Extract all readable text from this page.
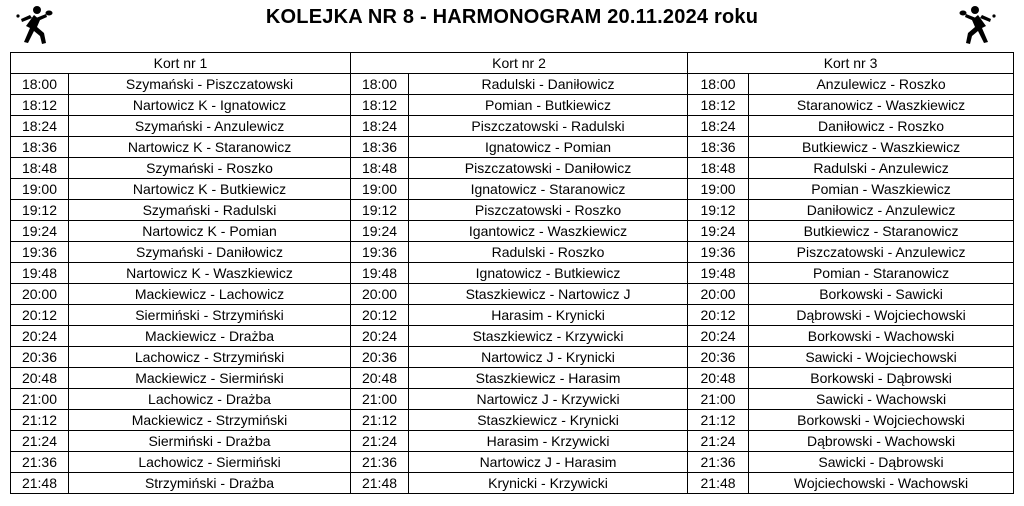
KOLEJKA NR 8 - HARMONOGRAM 20.11.2024 roku
Kort nr 1		Kort nr 2		Kort nr 3	
18:00	Szymański - Piszczatowski	18:00	Radulski - Daniłowicz	18:00	Anzulewicz - Roszko
18:12	Nartowicz K - Ignatowicz	18:12	Pomian - Butkiewicz	18:12	Staranowicz - Waszkiewicz
18:24	Szymański - Anzulewicz	18:24	Piszczatowski - Radulski	18:24	Daniłowicz - Roszko
18:36	Nartowicz K - Staranowicz	18:36	Ignatowicz - Pomian	18:36	Butkiewicz - Waszkiewicz
18:48	Szymański - Roszko	18:48	Piszczatowski - Daniłowicz	18:48	Radulski - Anzulewicz
19:00	Nartowicz K - Butkiewicz	19:00	Ignatowicz - Staranowicz	19:00	Pomian - Waszkiewicz
19:12	Szymański - Radulski	19:12	Piszczatowski - Roszko	19:12	Daniłowicz - Anzulewicz
19:24	Nartowicz K - Pomian	19:24	Igantowicz - Waszkiewicz	19:24	Butkiewicz - Staranowicz
19:36	Szymański - Daniłowicz	19:36	Radulski - Roszko	19:36	Piszczatowski - Anzulewicz
19:48	Nartowicz K - Waszkiewicz	19:48	Ignatowicz - Butkiewicz	19:48	Pomian - Staranowicz
20:00	Mackiewicz - Lachowicz	20:00	Staszkiewicz - Nartowicz J	20:00	Borkowski - Sawicki
20:12	Siermiński - Strzymiński	20:12	Harasim - Krynicki	20:12	Dąbrowski - Wojciechowski
20:24	Mackiewicz - Drażba	20:24	Staszkiewicz - Krzywicki	20:24	Borkowski - Wachowski
20:36	Lachowicz - Strzymiński	20:36	Nartowicz J - Krynicki	20:36	Sawicki - Wojciechowski
20:48	Mackiewicz - Siermiński	20:48	Staszkiewicz - Harasim	20:48	Borkowski - Dąbrowski
21:00	Lachowicz - Drażba	21:00	Nartowicz J - Krzywicki	21:00	Sawicki - Wachowski
21:12	Mackiewicz - Strzymiński	21:12	Staszkiewicz - Krynicki	21:12	Borkowski - Wojciechowski
21:24	Siermiński - Drażba	21:24	Harasim - Krzywicki	21:24	Dąbrowski - Wachowski
21:36	Lachowicz - Siermiński	21:36	Nartowicz J - Harasim	21:36	Sawicki - Dąbrowski
21:48	Strzymiński - Drażba	21:48	Krynicki - Krzywicki	21:48	Wojciechowski - Wachowski
